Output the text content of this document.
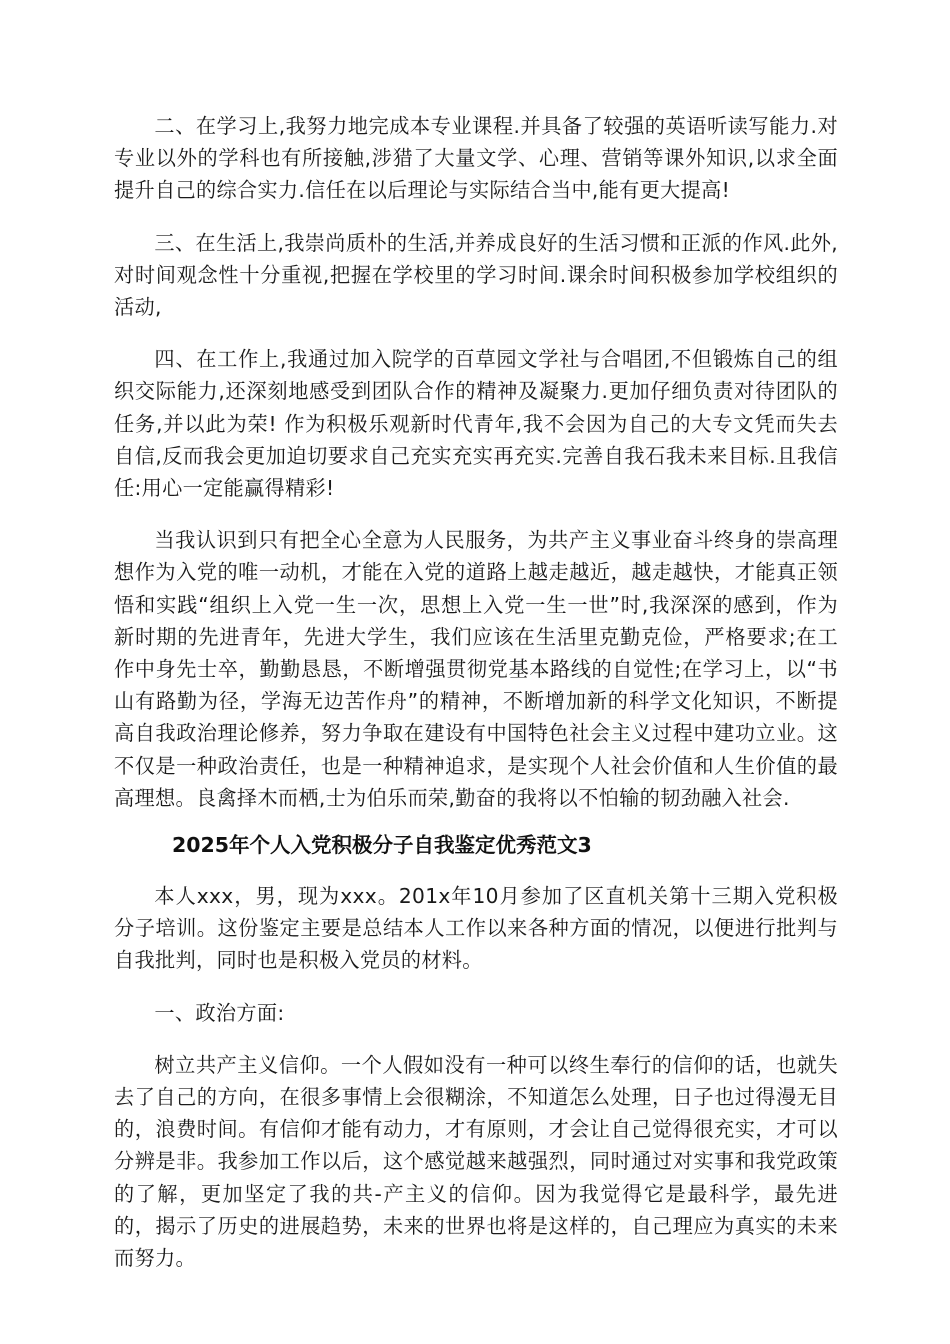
二、在学习上,我努力地完成本专业课程.并具备了较强的英语听读写能力.对专业以外的学科也有所接触,涉猎了大量文学、心理、营销等课外知识,以求全面提升自己的综合实力.信任在以后理论与实际结合当中,能有更大提高!

三、在生活上,我崇尚质朴的生活,并养成良好的生活习惯和正派的作风.此外,对时间观念性十分重视,把握在学校里的学习时间.课余时间积极参加学校组织的活动,

四、在工作上,我通过加入院学的百草园文学社与合唱团,不但锻炼自己的组织交际能力,还深刻地感受到团队合作的精神及凝聚力.更加仔细负责对待团队的任务,并以此为荣! 作为积极乐观新时代青年,我不会因为自己的大专文凭而失去自信,反而我会更加迫切要求自己充实充实再充实.完善自我石我未来目标.且我信任:用心一定能赢得精彩!

当我认识到只有把全心全意为人民服务，为共产主义事业奋斗终身的崇高理想作为入党的唯一动机，才能在入党的道路上越走越近，越走越快，才能真正领悟和实践“组织上入党一生一次，思想上入党一生一世”时,我深深的感到，作为新时期的先进青年，先进大学生，我们应该在生活里克勤克俭，严格要求;在工作中身先士卒，勤勤恳恳，不断增强贯彻党基本路线的自觉性;在学习上，以“书山有路勤为径，学海无边苦作舟”的精神，不断增加新的科学文化知识，不断提高自我政治理论修养，努力争取在建设有中国特色社会主义过程中建功立业。这不仅是一种政治责任，也是一种精神追求，是实现个人社会价值和人生价值的最高理想。良禽择木而栖,士为伯乐而荣,勤奋的我将以不怕输的韧劲融入社会.

2025年个人入党积极分子自我鉴定优秀范文3

本人xxx，男，现为xxx。201x年10月参加了区直机关第十三期入党积极分子培训。这份鉴定主要是总结本人工作以来各种方面的情况，以便进行批判与自我批判，同时也是积极入党员的材料。

一、政治方面:

树立共产主义信仰。一个人假如没有一种可以终生奉行的信仰的话，也就失去了自己的方向，在很多事情上会很糊涂，不知道怎么处理，日子也过得漫无目的，浪费时间。有信仰才能有动力，才有原则，才会让自己觉得很充实，才可以分辨是非。我参加工作以后，这个感觉越来越强烈，同时通过对实事和我党政策的了解，更加坚定了我的共-产主义的信仰。因为我觉得它是最科学，最先进的，揭示了历史的进展趋势，未来的世界也将是这样的，自己理应为真实的未来而努力。
